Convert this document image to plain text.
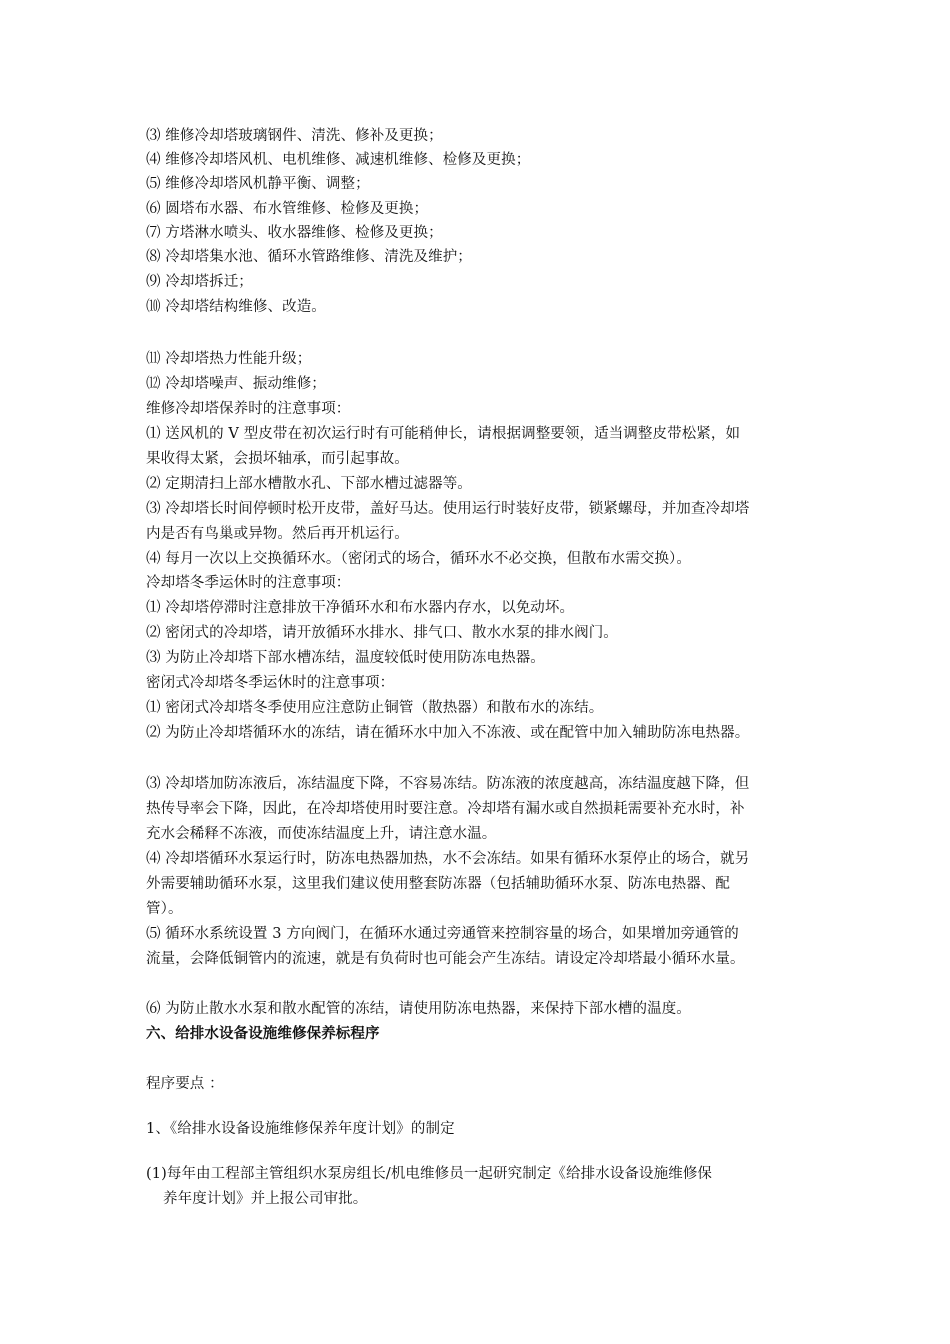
⑶ 维修冷却塔玻璃钢件、清洗、修补及更换；
⑷ 维修冷却塔风机、电机维修、减速机维修、检修及更换；
⑸ 维修冷却塔风机静平衡、调整；
⑹ 圆塔布水器、布水管维修、检修及更换；
⑺ 方塔淋水喷头、收水器维修、检修及更换；
⑻ 冷却塔集水池、循环水管路维修、清洗及维护；
⑼ 冷却塔拆迁；
⑽ 冷却塔结构维修、改造。
⑾ 冷却塔热力性能升级；
⑿ 冷却塔噪声、振动维修；
维修冷却塔保养时的注意事项：
⑴ 送风机的 V 型皮带在初次运行时有可能稍伸长，请根据调整要领，适当调整皮带松紧，如
果收得太紧，会损坏轴承，而引起事故。
⑵ 定期清扫上部水槽散水孔、下部水槽过滤器等。
⑶ 冷却塔长时间停顿时松开皮带，盖好马达。使用运行时装好皮带，锁紧螺母，并加查冷却塔
内是否有鸟巢或异物。然后再开机运行。
⑷ 每月一次以上交换循环水。（密闭式的场合，循环水不必交换，但散布水需交换）。
冷却塔冬季运休时的注意事项：
⑴ 冷却塔停滞时注意排放干净循环水和布水器内存水，以免动坏。
⑵ 密闭式的冷却塔，请开放循环水排水、排气口、散水水泵的排水阀门。
⑶ 为防止冷却塔下部水槽冻结，温度较低时使用防冻电热器。
密闭式冷却塔冬季运休时的注意事项：
⑴ 密闭式冷却塔冬季使用应注意防止铜管（散热器）和散布水的冻结。
⑵ 为防止冷却塔循环水的冻结，请在循环水中加入不冻液、或在配管中加入辅助防冻电热器。
⑶ 冷却塔加防冻液后，冻结温度下降，不容易冻结。防冻液的浓度越高，冻结温度越下降，但
热传导率会下降，因此，在冷却塔使用时要注意。冷却塔有漏水或自然损耗需要补充水时，补
充水会稀释不冻液，而使冻结温度上升，请注意水温。
⑷ 冷却塔循环水泵运行时，防冻电热器加热，水不会冻结。如果有循环水泵停止的场合，就另
外需要辅助循环水泵，这里我们建议使用整套防冻器（包括辅助循环水泵、防冻电热器、配
管）。
⑸ 循环水系统设置 3 方向阀门，在循环水通过旁通管来控制容量的场合，如果增加旁通管的
流量，会降低铜管内的流速，就是有负荷时也可能会产生冻结。请设定冷却塔最小循环水量。
⑹ 为防止散水水泵和散水配管的冻结，请使用防冻电热器，来保持下部水槽的温度。
六、给排水设备设施维修保养标程序
程序要点 ：
1、《给排水设备设施维修保养年度计划》的制定
(1)每年由工程部主管组织水泵房组长/机电维修员一起研究制定《给排水设备设施维修保
养年度计划》并上报公司审批。
